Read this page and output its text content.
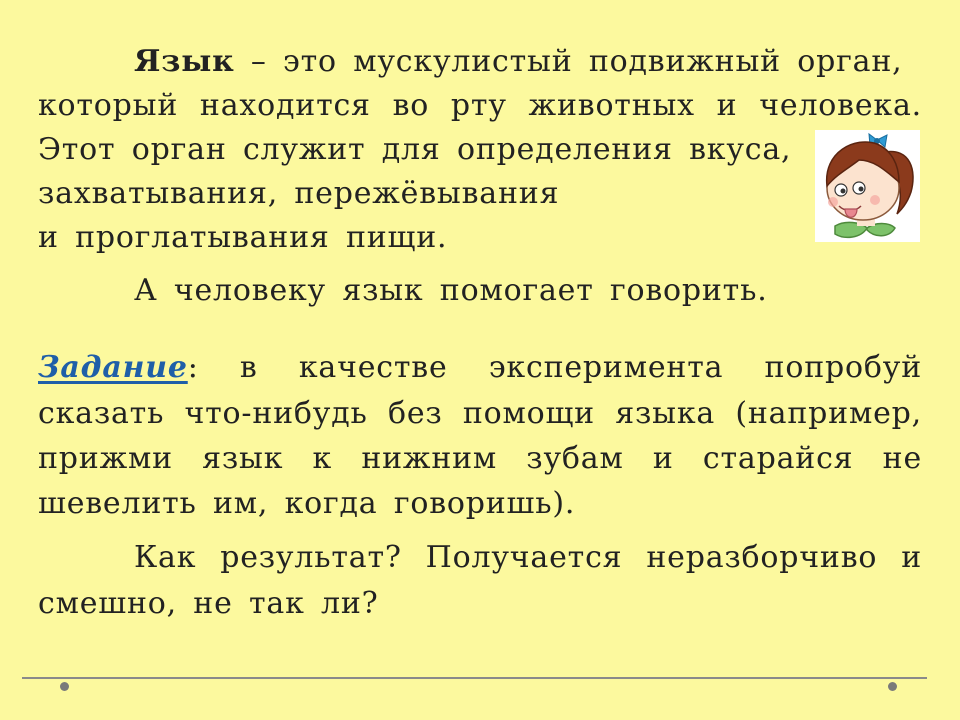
Язык – это мускулистый подвижный орган,
который находится во рту животных и человека.
Этот орган служит для определения вкуса,
захватывания, пережёвывания
и проглатывания пищи.
А человеку язык помогает говорить.
Задание: в качестве эксперимента попробуй
сказать что-нибудь без помощи языка (например,
прижми язык к нижним зубам и старайся не
шевелить им, когда говоришь).
Как результат? Получается неразборчиво и
смешно, не так ли?
